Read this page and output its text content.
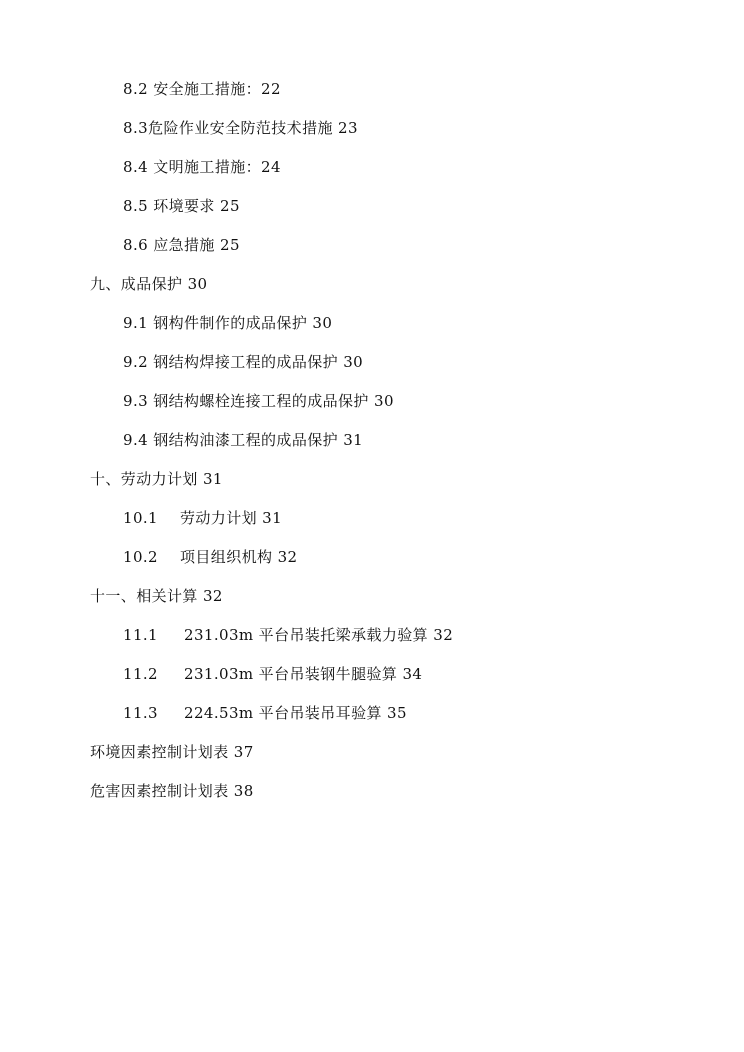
8.2 安全施工措施：22
8.3危险作业安全防范技术措施 23
8.4 文明施工措施：24
8.5 环境要求 25
8.6 应急措施 25
九、成品保护 30
9.1 钢构件制作的成品保护 30
9.2 钢结构焊接工程的成品保护 30
9.3 钢结构螺栓连接工程的成品保护 30
9.4 钢结构油漆工程的成品保护 31
十、劳动力计划 31
10.1 劳动力计划 31
10.2 项目组织机构 32
十一、相关计算 32
11.1 231.03m 平台吊装托梁承载力验算 32
11.2 231.03m 平台吊装钢牛腿验算 34
11.3 224.53m 平台吊装吊耳验算 35
环境因素控制计划表 37
危害因素控制计划表 38
